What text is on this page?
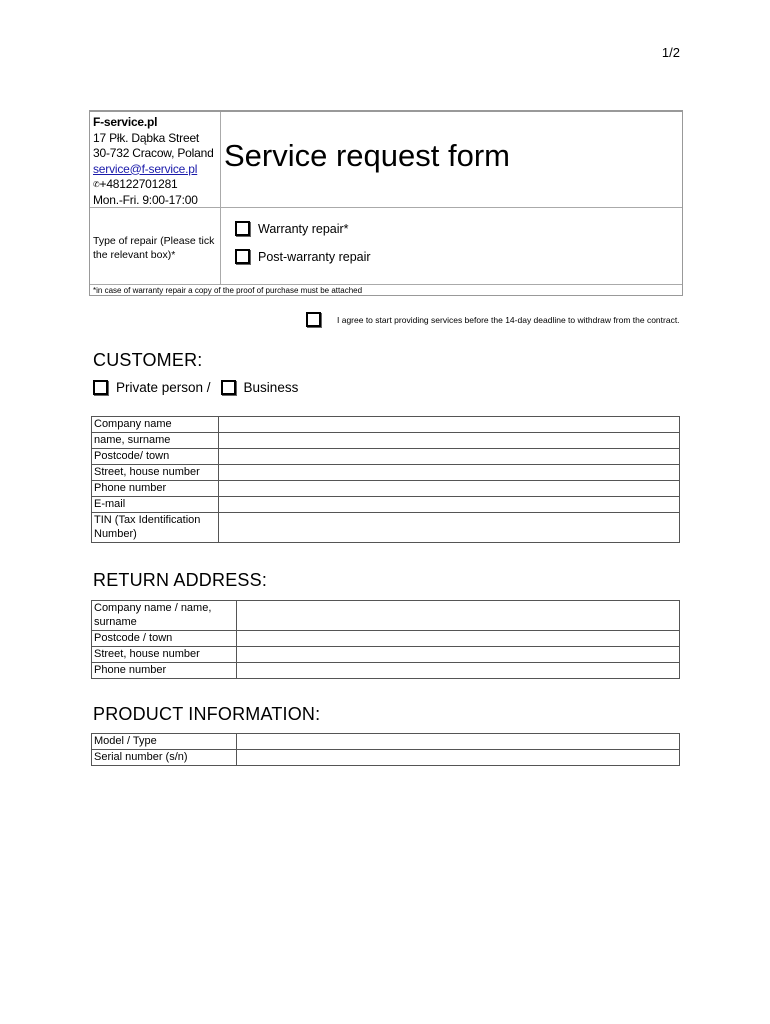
1/2
F-service.pl
17 Płk. Dąbka Street
30-732 Cracow, Poland
service@f-service.pl
✆+48122701281
Mon.-Fri. 9:00-17:00
Service request form
Type of repair (Please tick the relevant box)*
Warranty repair*
Post-warranty repair
*in case of warranty repair a copy of the proof of purchase must be attached
I agree to start providing services before the 14-day deadline to withdraw from the contract.
CUSTOMER:
Private person / Business
Company name	
name, surname	
Postcode/ town	
Street, house number	
Phone number	
E-mail	
TIN (Tax Identification Number)	
RETURN ADDRESS:
Company name / name, surname	
Postcode / town	
Street, house number	
Phone number	
PRODUCT INFORMATION:
Model / Type	
Serial number (s/n)	
